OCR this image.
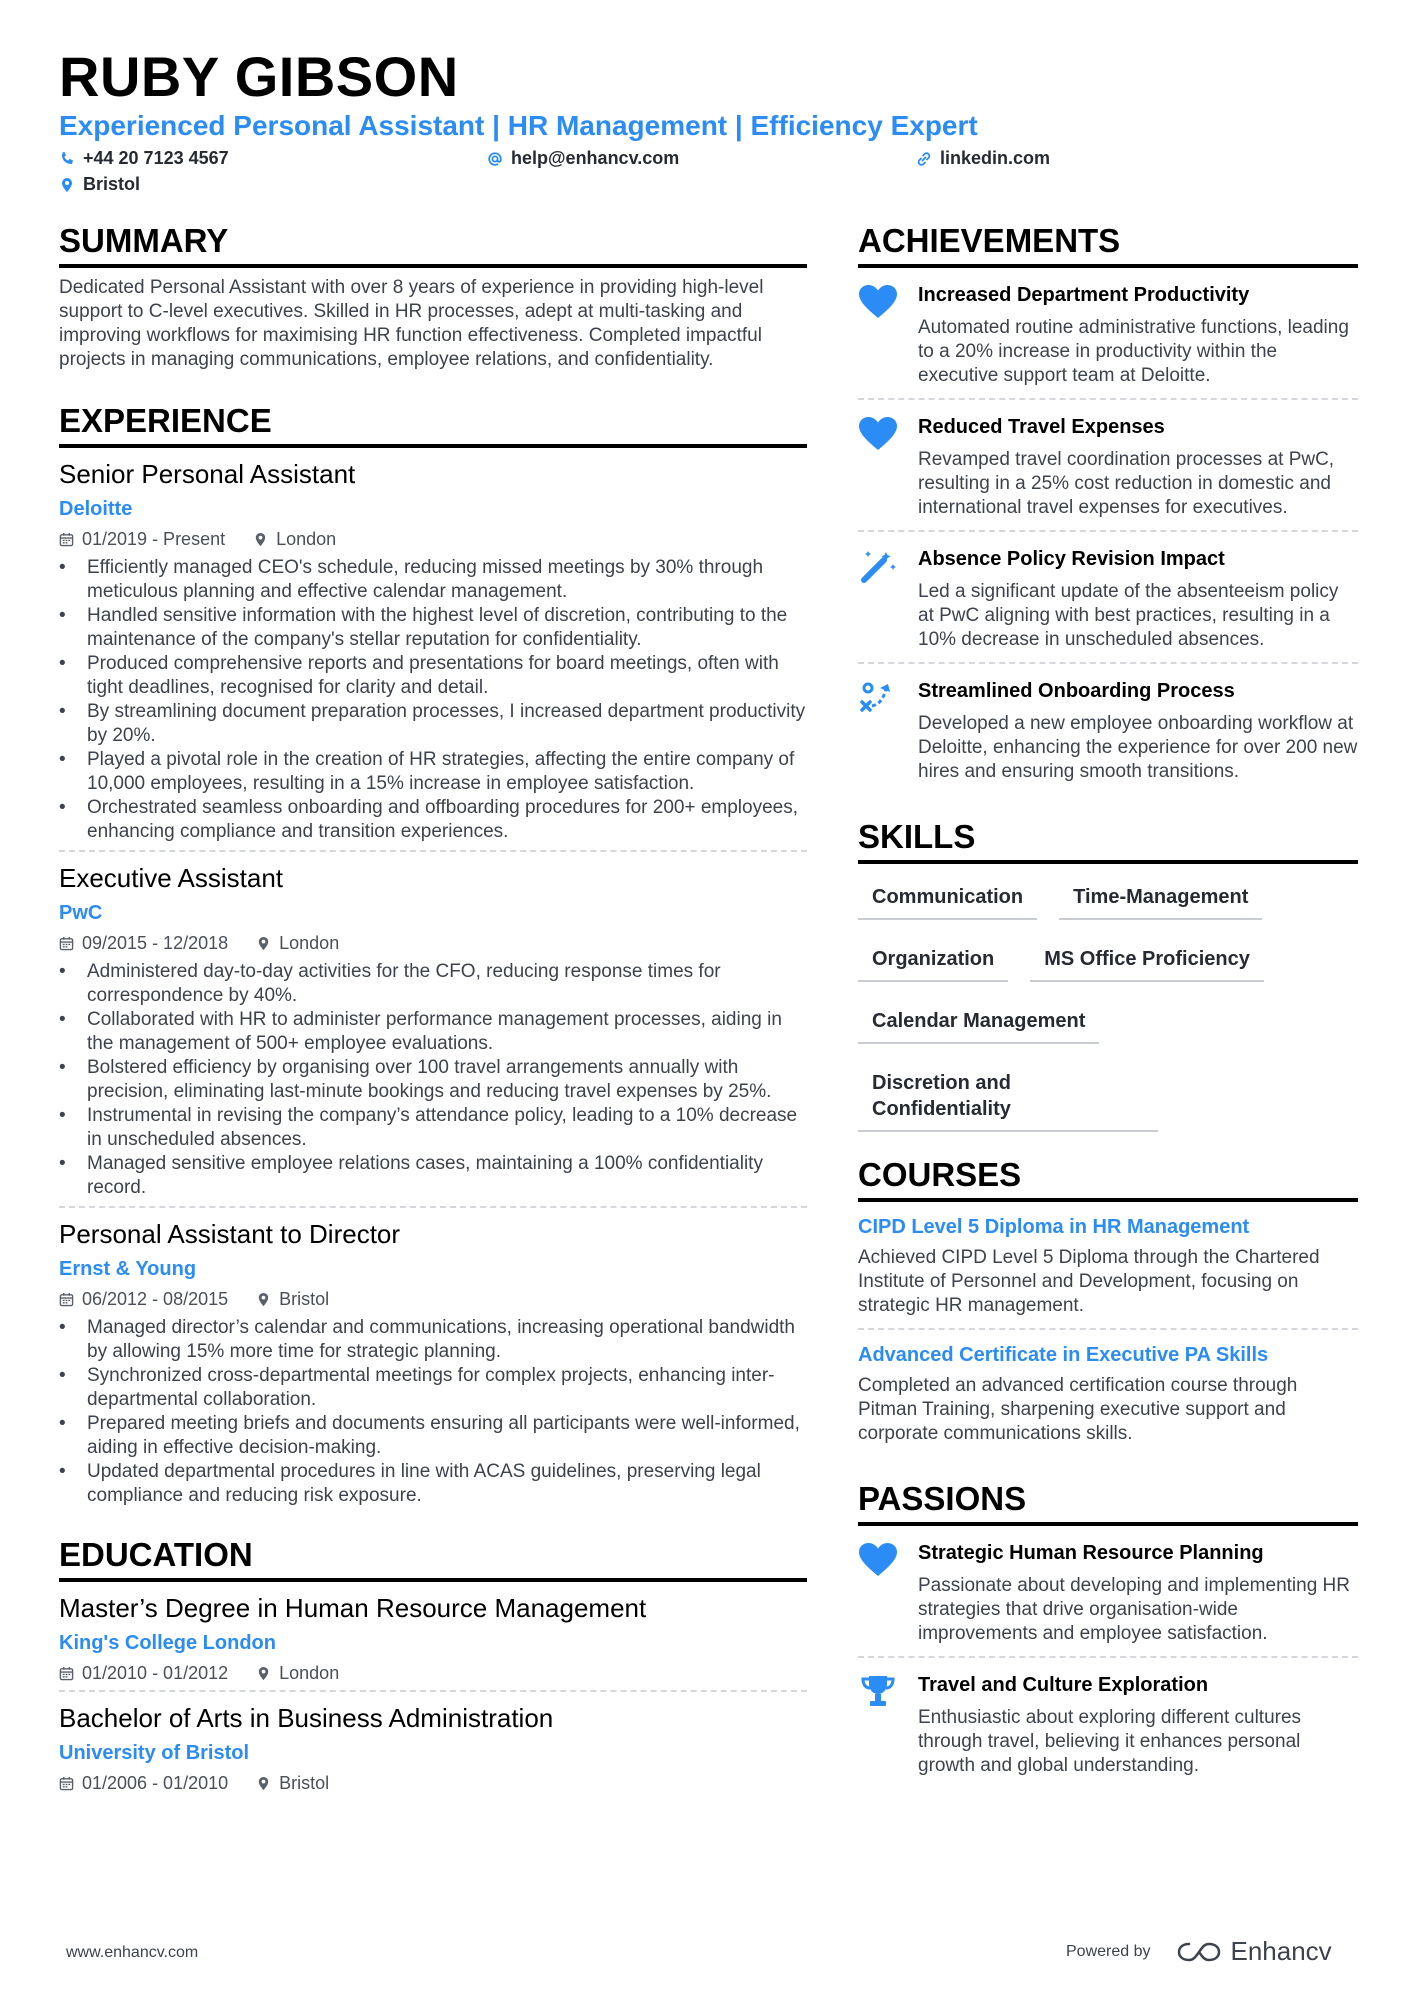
RUBY GIBSON
Experienced Personal Assistant | HR Management | Efficiency Expert
+44 20 7123 4567	help@enhancv.com	linkedin.com
Bristol
SUMMARY
Dedicated Personal Assistant with over 8 years of experience in providing high-level support to C-level executives. Skilled in HR processes, adept at multi-tasking and improving workflows for maximising HR function effectiveness. Completed impactful projects in managing communications, employee relations, and confidentiality.
EXPERIENCE
Senior Personal Assistant
Deloitte
01/2019 - Present	London
• Efficiently managed CEO's schedule, reducing missed meetings by 30% through meticulous planning and effective calendar management.
• Handled sensitive information with the highest level of discretion, contributing to the maintenance of the company's stellar reputation for confidentiality.
• Produced comprehensive reports and presentations for board meetings, often with tight deadlines, recognised for clarity and detail.
• By streamlining document preparation processes, I increased department productivity by 20%.
• Played a pivotal role in the creation of HR strategies, affecting the entire company of 10,000 employees, resulting in a 15% increase in employee satisfaction.
• Orchestrated seamless onboarding and offboarding procedures for 200+ employees, enhancing compliance and transition experiences.
Executive Assistant
PwC
09/2015 - 12/2018	London
• Administered day-to-day activities for the CFO, reducing response times for correspondence by 40%.
• Collaborated with HR to administer performance management processes, aiding in the management of 500+ employee evaluations.
• Bolstered efficiency by organising over 100 travel arrangements annually with precision, eliminating last-minute bookings and reducing travel expenses by 25%.
• Instrumental in revising the company’s attendance policy, leading to a 10% decrease in unscheduled absences.
• Managed sensitive employee relations cases, maintaining a 100% confidentiality record.
Personal Assistant to Director
Ernst & Young
06/2012 - 08/2015	Bristol
• Managed director’s calendar and communications, increasing operational bandwidth by allowing 15% more time for strategic planning.
• Synchronized cross-departmental meetings for complex projects, enhancing inter-departmental collaboration.
• Prepared meeting briefs and documents ensuring all participants were well-informed, aiding in effective decision-making.
• Updated departmental procedures in line with ACAS guidelines, preserving legal compliance and reducing risk exposure.
EDUCATION
Master’s Degree in Human Resource Management
King's College London
01/2010 - 01/2012	London
Bachelor of Arts in Business Administration
University of Bristol
01/2006 - 01/2010	Bristol
ACHIEVEMENTS
Increased Department Productivity
Automated routine administrative functions, leading to a 20% increase in productivity within the executive support team at Deloitte.
Reduced Travel Expenses
Revamped travel coordination processes at PwC, resulting in a 25% cost reduction in domestic and international travel expenses for executives.
Absence Policy Revision Impact
Led a significant update of the absenteeism policy at PwC aligning with best practices, resulting in a 10% decrease in unscheduled absences.
Streamlined Onboarding Process
Developed a new employee onboarding workflow at Deloitte, enhancing the experience for over 200 new hires and ensuring smooth transitions.
SKILLS
Communication	Time-Management
Organization	MS Office Proficiency
Calendar Management
Discretion and Confidentiality
COURSES
CIPD Level 5 Diploma in HR Management
Achieved CIPD Level 5 Diploma through the Chartered Institute of Personnel and Development, focusing on strategic HR management.
Advanced Certificate in Executive PA Skills
Completed an advanced certification course through Pitman Training, sharpening executive support and corporate communications skills.
PASSIONS
Strategic Human Resource Planning
Passionate about developing and implementing HR strategies that drive organisation-wide improvements and employee satisfaction.
Travel and Culture Exploration
Enthusiastic about exploring different cultures through travel, believing it enhances personal growth and global understanding.
www.enhancv.com	Powered by	Enhancv
